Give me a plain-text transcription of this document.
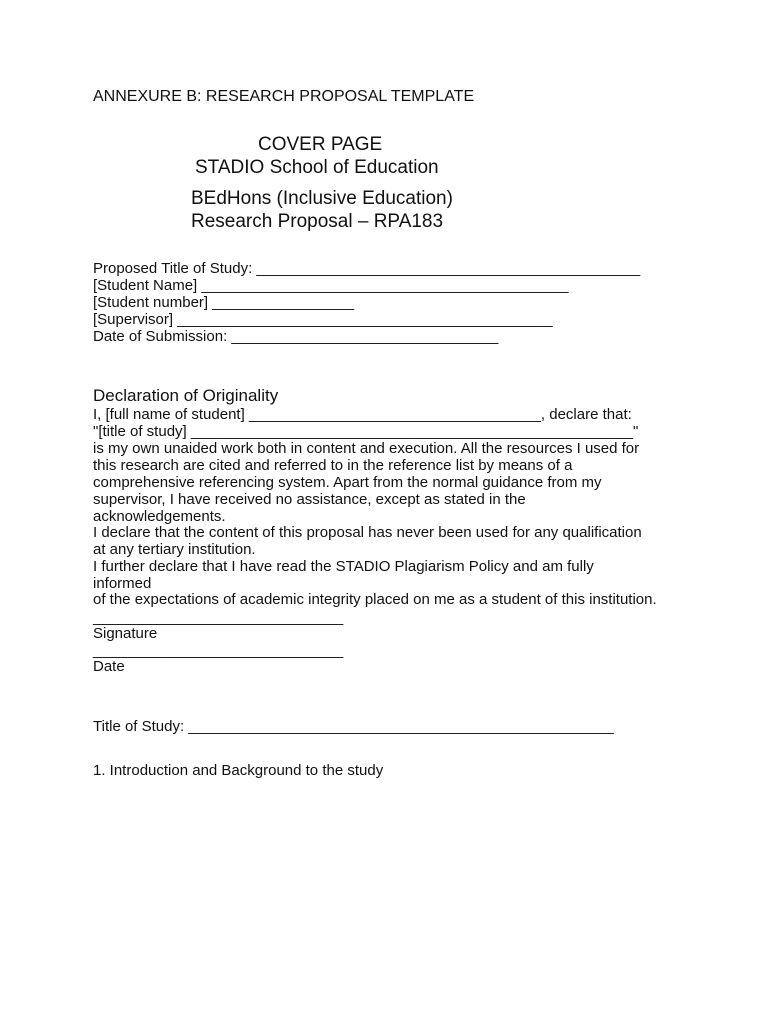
ANNEXURE B: RESEARCH PROPOSAL TEMPLATE
COVER PAGE
STADIO School of Education
BEdHons (Inclusive Education)
Research Proposal – RPA183
Proposed Title of Study: ______________________________________________
[Student Name] ____________________________________________
[Student number] _________________
[Supervisor] _____________________________________________
Date of Submission: ________________________________
Declaration of Originality
I, [full name of student] ___________________________________, declare that:
"[title of study] _____________________________________________________"
is my own unaided work both in content and execution. All the resources I used for
this research are cited and referred to in the reference list by means of a
comprehensive referencing system. Apart from the normal guidance from my
supervisor, I have received no assistance, except as stated in the
acknowledgements.
I declare that the content of this proposal has never been used for any qualification
at any tertiary institution.
I further declare that I have read the STADIO Plagiarism Policy and am fully
informed
of the expectations of academic integrity placed on me as a student of this institution.
______________________________
Signature
______________________________
Date
Title of Study: ___________________________________________________
1. Introduction and Background to the study
